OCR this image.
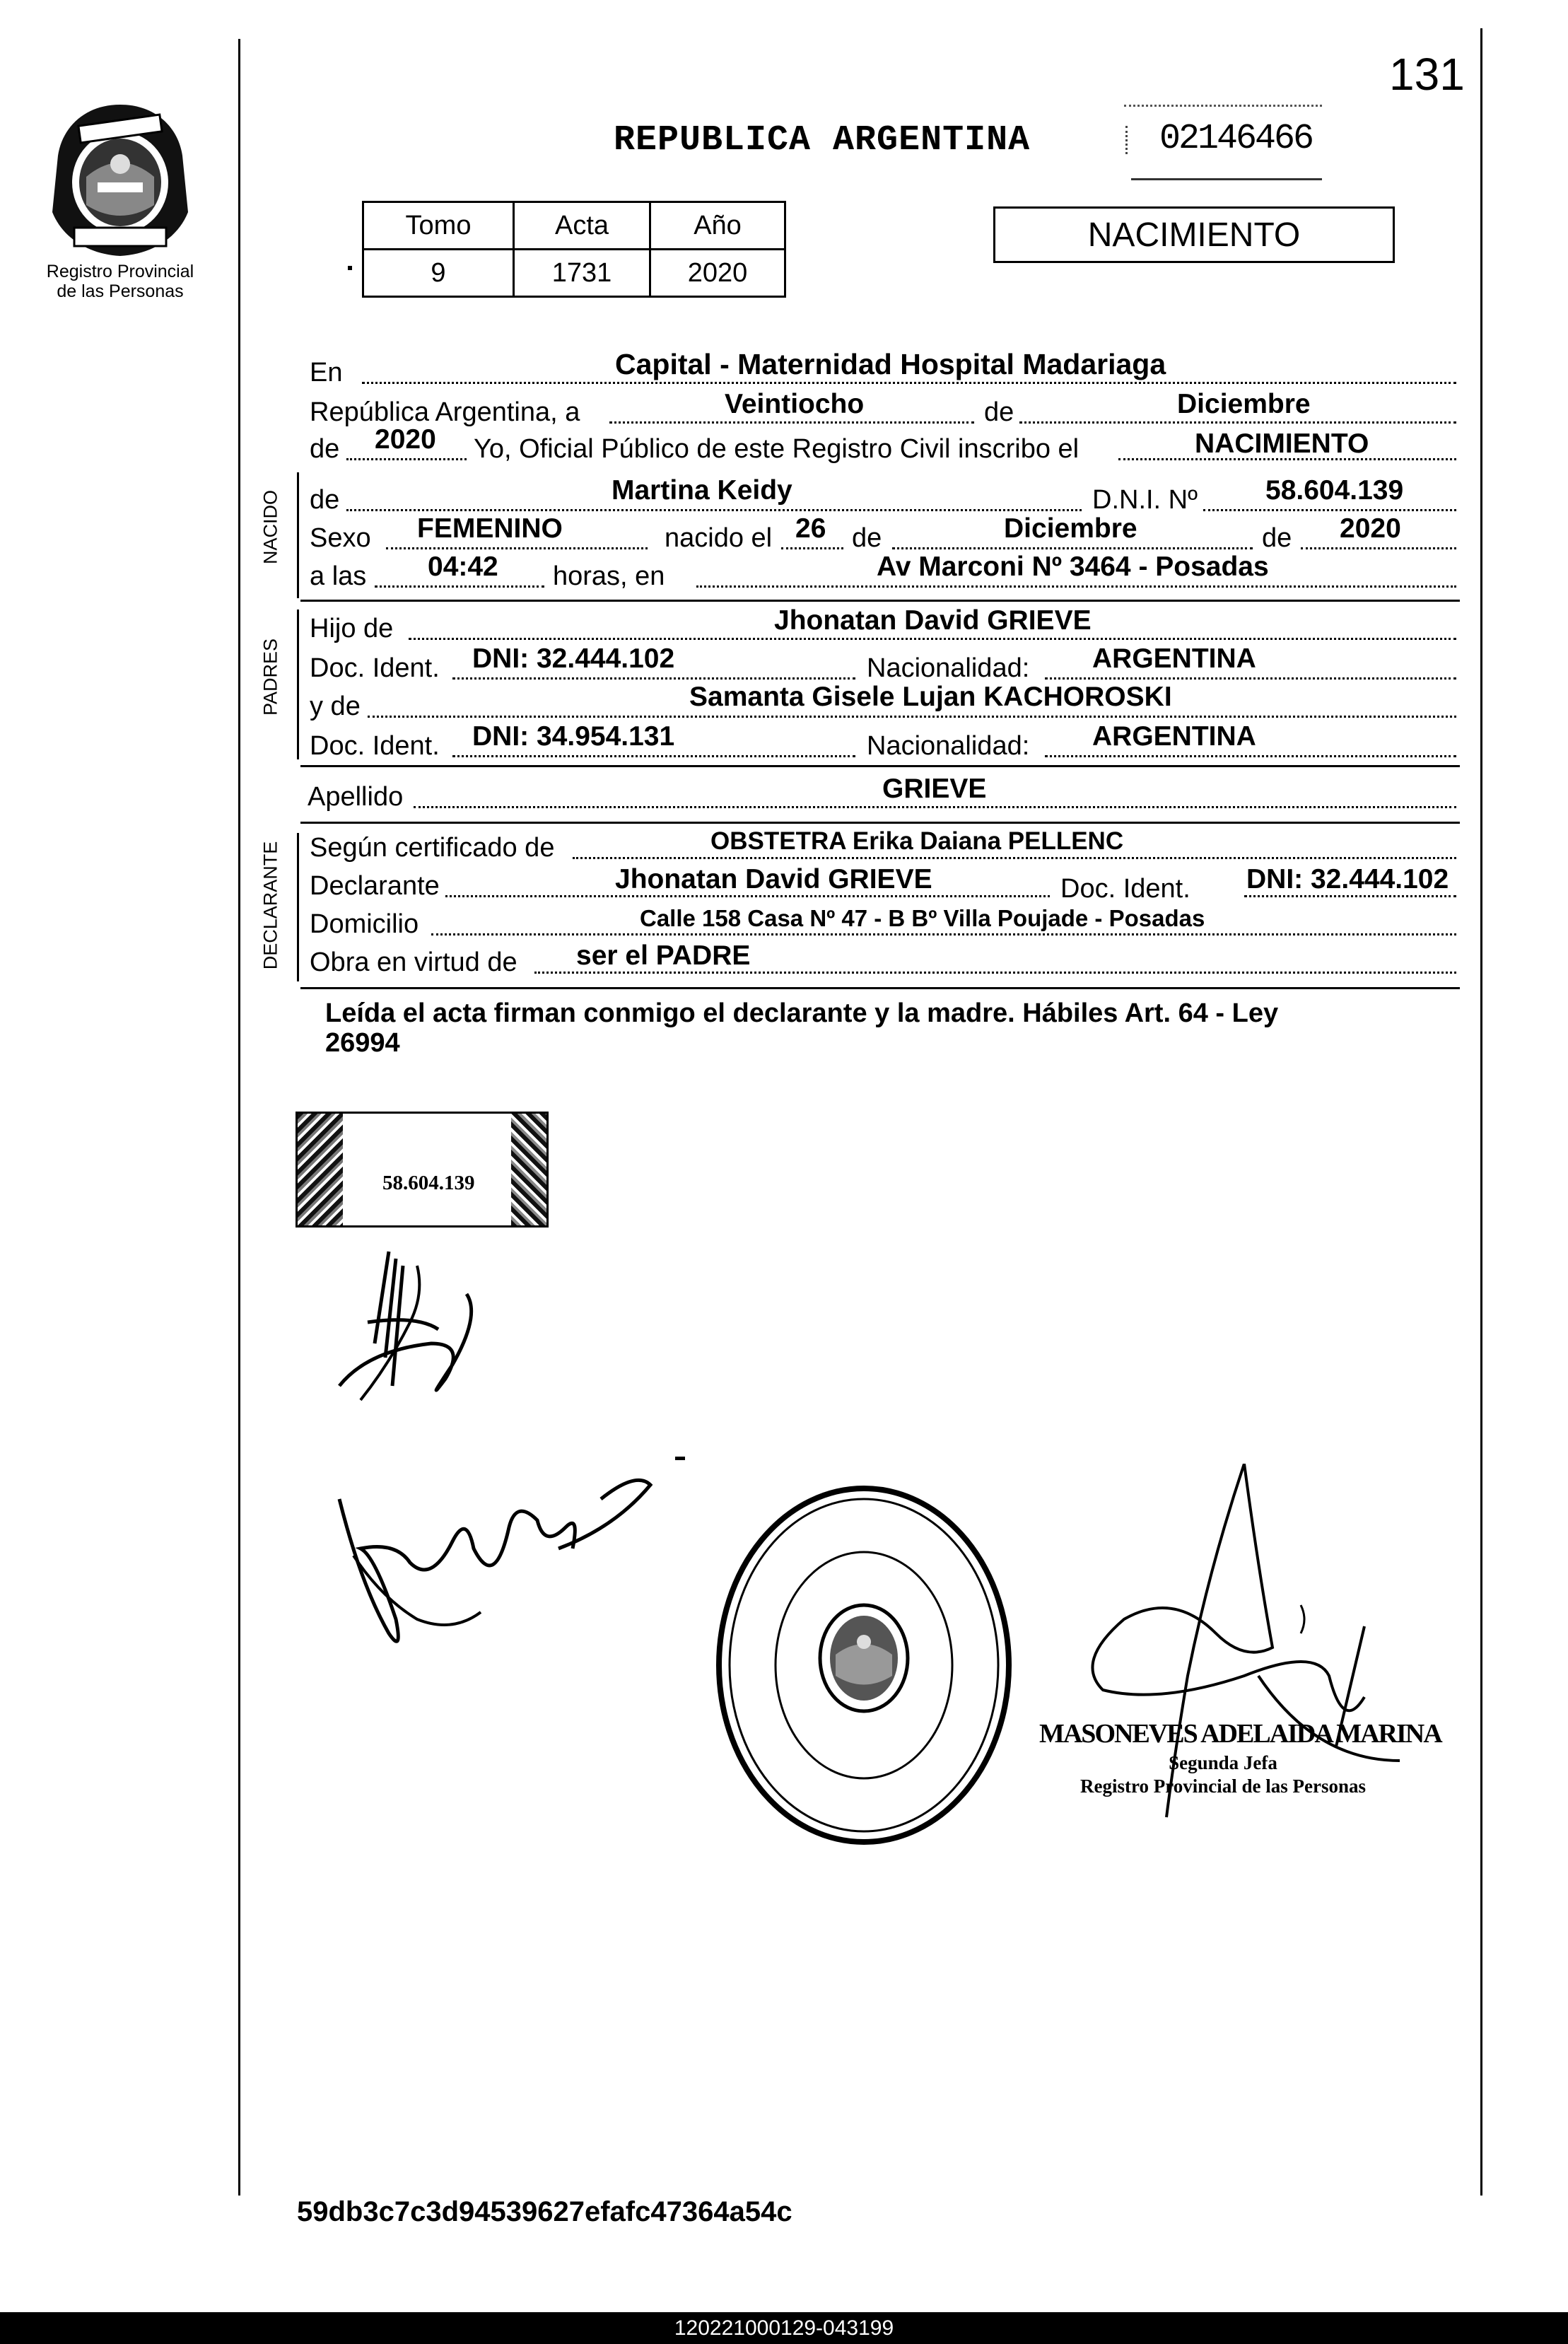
131
Registro Provincial
de las Personas
REPUBLICA ARGENTINA	02146466
Tomo	Acta	Año
9	1731	2020
NACIMIENTO
En	Capital - Maternidad Hospital Madariaga
República Argentina, a	Veintiocho	de	Diciembre
de 2020 Yo, Oficial Público de este Registro Civil inscribo el	NACIMIENTO
NACIDO de	Martina Keidy	D.N.I. Nº 58.604.139
Sexo FEMENINO	nacido el 26 de	Diciembre	de 2020
a las 04:42 horas, en	Av Marconi Nº 3464 - Posadas
PADRES
Hijo de	Jhonatan David GRIEVE
Doc. Ident. DNI: 32.444.102	Nacionalidad: ARGENTINA
y de	Samanta Gisele Lujan KACHOROSKI
Doc. Ident. DNI: 34.954.131	Nacionalidad: ARGENTINA
Apellido	GRIEVE
DECLARANTE Según certificado de	OBSTETRA Erika Daiana PELLENC
Declarante	Jhonatan David GRIEVE	Doc. Ident. DNI: 32.444.102
Domicilio	Calle 158 Casa Nº 47 - B Bº Villa Poujade - Posadas
Obra en virtud de ser el PADRE
Leída el acta firman conmigo el declarante y la madre. Hábiles Art. 64 - Ley
26994
58.604.139
MASONEVES ADELAIDA MARINA
Segunda Jefa
Registro Provincial de las Personas
59db3c7c3d94539627efafc47364a54c
120221000129-043199
